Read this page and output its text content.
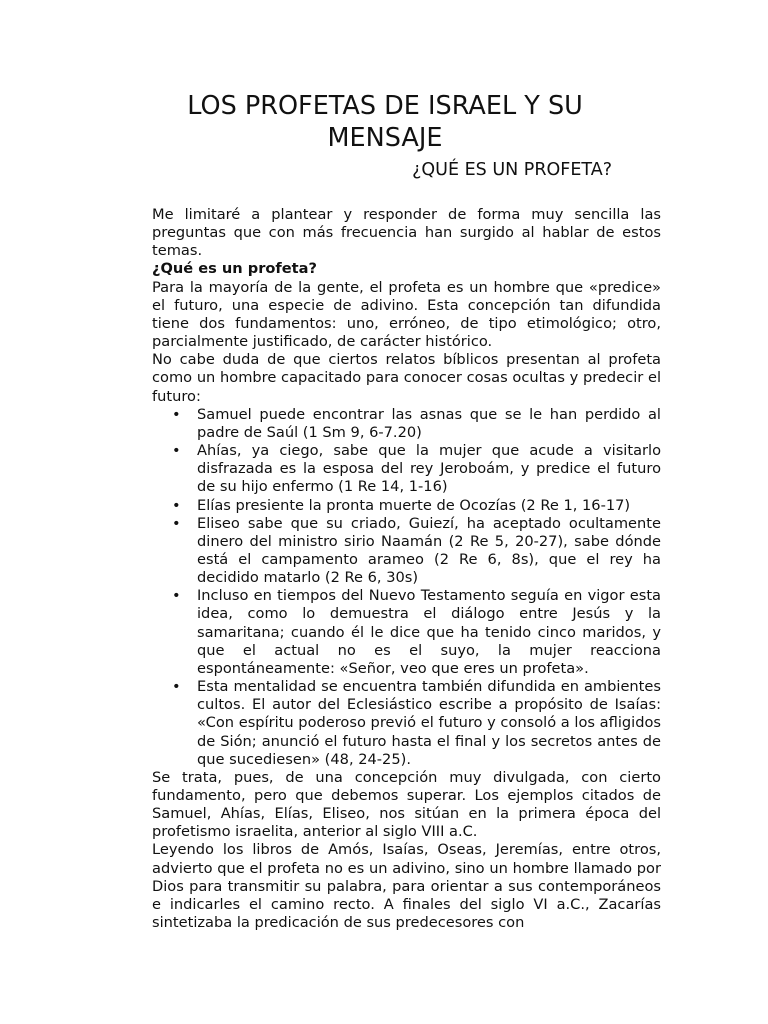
LOS PROFETAS DE ISRAEL Y SU MENSAJE
¿QUÉ ES UN PROFETA?

Me limitaré a plantear y responder de forma muy sencilla las preguntas que con más frecuencia han surgido al hablar de estos temas.

¿Qué es un profeta?

Para la mayoría de la gente, el profeta es un hombre que «predice» el futuro, una especie de adivino. Esta concepción tan difundida tiene dos fundamentos: uno, erróneo, de tipo etimológico; otro, parcialmente justificado, de carácter histórico.

No cabe duda de que ciertos relatos bíblicos presentan al profeta como un hombre capacitado para conocer cosas ocultas y predecir el futuro:

• Samuel puede encontrar las asnas que se le han perdido al padre de Saúl (1 Sm 9, 6-7.20)
• Ahías, ya ciego, sabe que la mujer que acude a visitarlo disfrazada es la esposa del rey Jeroboám, y predice el futuro de su hijo enfermo (1 Re 14, 1-16)
• Elías presiente la pronta muerte de Ocozías (2 Re 1, 16-17)
• Eliseo sabe que su criado, Guiezí, ha aceptado ocultamente dinero del ministro sirio Naamán (2 Re 5, 20-27), sabe dónde está el campamento arameo (2 Re 6, 8s), que el rey ha decidido matarlo (2 Re 6, 30s)
• Incluso en tiempos del Nuevo Testamento seguía en vigor esta idea, como lo demuestra el diálogo entre Jesús y la samaritana; cuando él le dice que ha tenido cinco maridos, y que el actual no es el suyo, la mujer reacciona espontáneamente: «Señor, veo que eres un profeta».
• Esta mentalidad se encuentra también difundida en ambientes cultos. El autor del Eclesiástico escribe a propósito de Isaías: «Con espíritu poderoso previó el futuro y consoló a los afligidos de Sión; anunció el futuro hasta el final y los secretos antes de que sucediesen» (48, 24-25).

Se trata, pues, de una concepción muy divulgada, con cierto fundamento, pero que debemos superar. Los ejemplos citados de Samuel, Ahías, Elías, Eliseo, nos sitúan en la primera época del profetismo israelita, anterior al siglo VIII a.C.

Leyendo los libros de Amós, Isaías, Oseas, Jeremías, entre otros, advierto que el profeta no es un adivino, sino un hombre llamado por Dios para transmitir su palabra, para orientar a sus contemporáneos e indicarles el camino recto. A finales del siglo VI a.C., Zacarías sintetizaba la predicación de sus predecesores con
